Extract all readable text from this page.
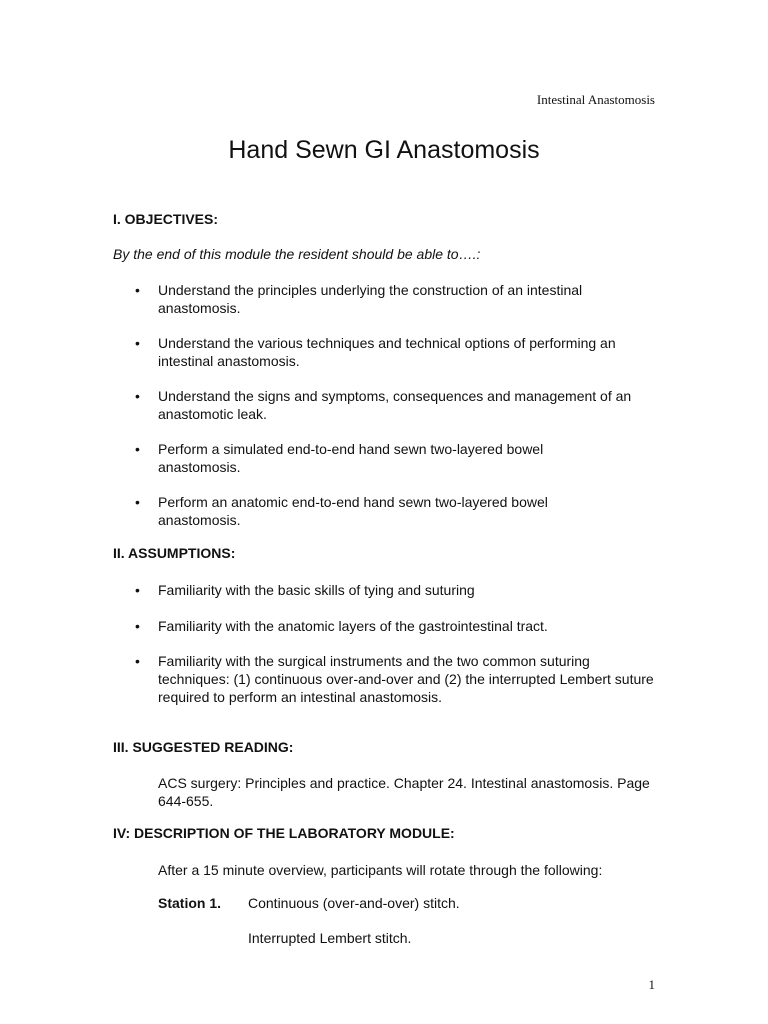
Intestinal Anastomosis
Hand Sewn GI Anastomosis
I. OBJECTIVES:
By the end of this module the resident should be able to….:
• Understand the principles underlying the construction of an intestinal anastomosis.
• Understand the various techniques and technical options of performing an intestinal anastomosis.
• Understand the signs and symptoms, consequences and management of an anastomotic leak.
• Perform a simulated end-to-end hand sewn two-layered bowel anastomosis.
• Perform an anatomic end-to-end hand sewn two-layered bowel anastomosis.
II. ASSUMPTIONS:
• Familiarity with the basic skills of tying and suturing
• Familiarity with the anatomic layers of the gastrointestinal tract.
• Familiarity with the surgical instruments and the two common suturing techniques: (1) continuous over-and-over and (2) the interrupted Lembert suture required to perform an intestinal anastomosis.
III. SUGGESTED READING:
ACS surgery: Principles and practice. Chapter 24. Intestinal anastomosis. Page 644-655.
IV: DESCRIPTION OF THE LABORATORY MODULE:
After a 15 minute overview, participants will rotate through the following:
Station 1. Continuous (over-and-over) stitch.
Interrupted Lembert stitch.
1
